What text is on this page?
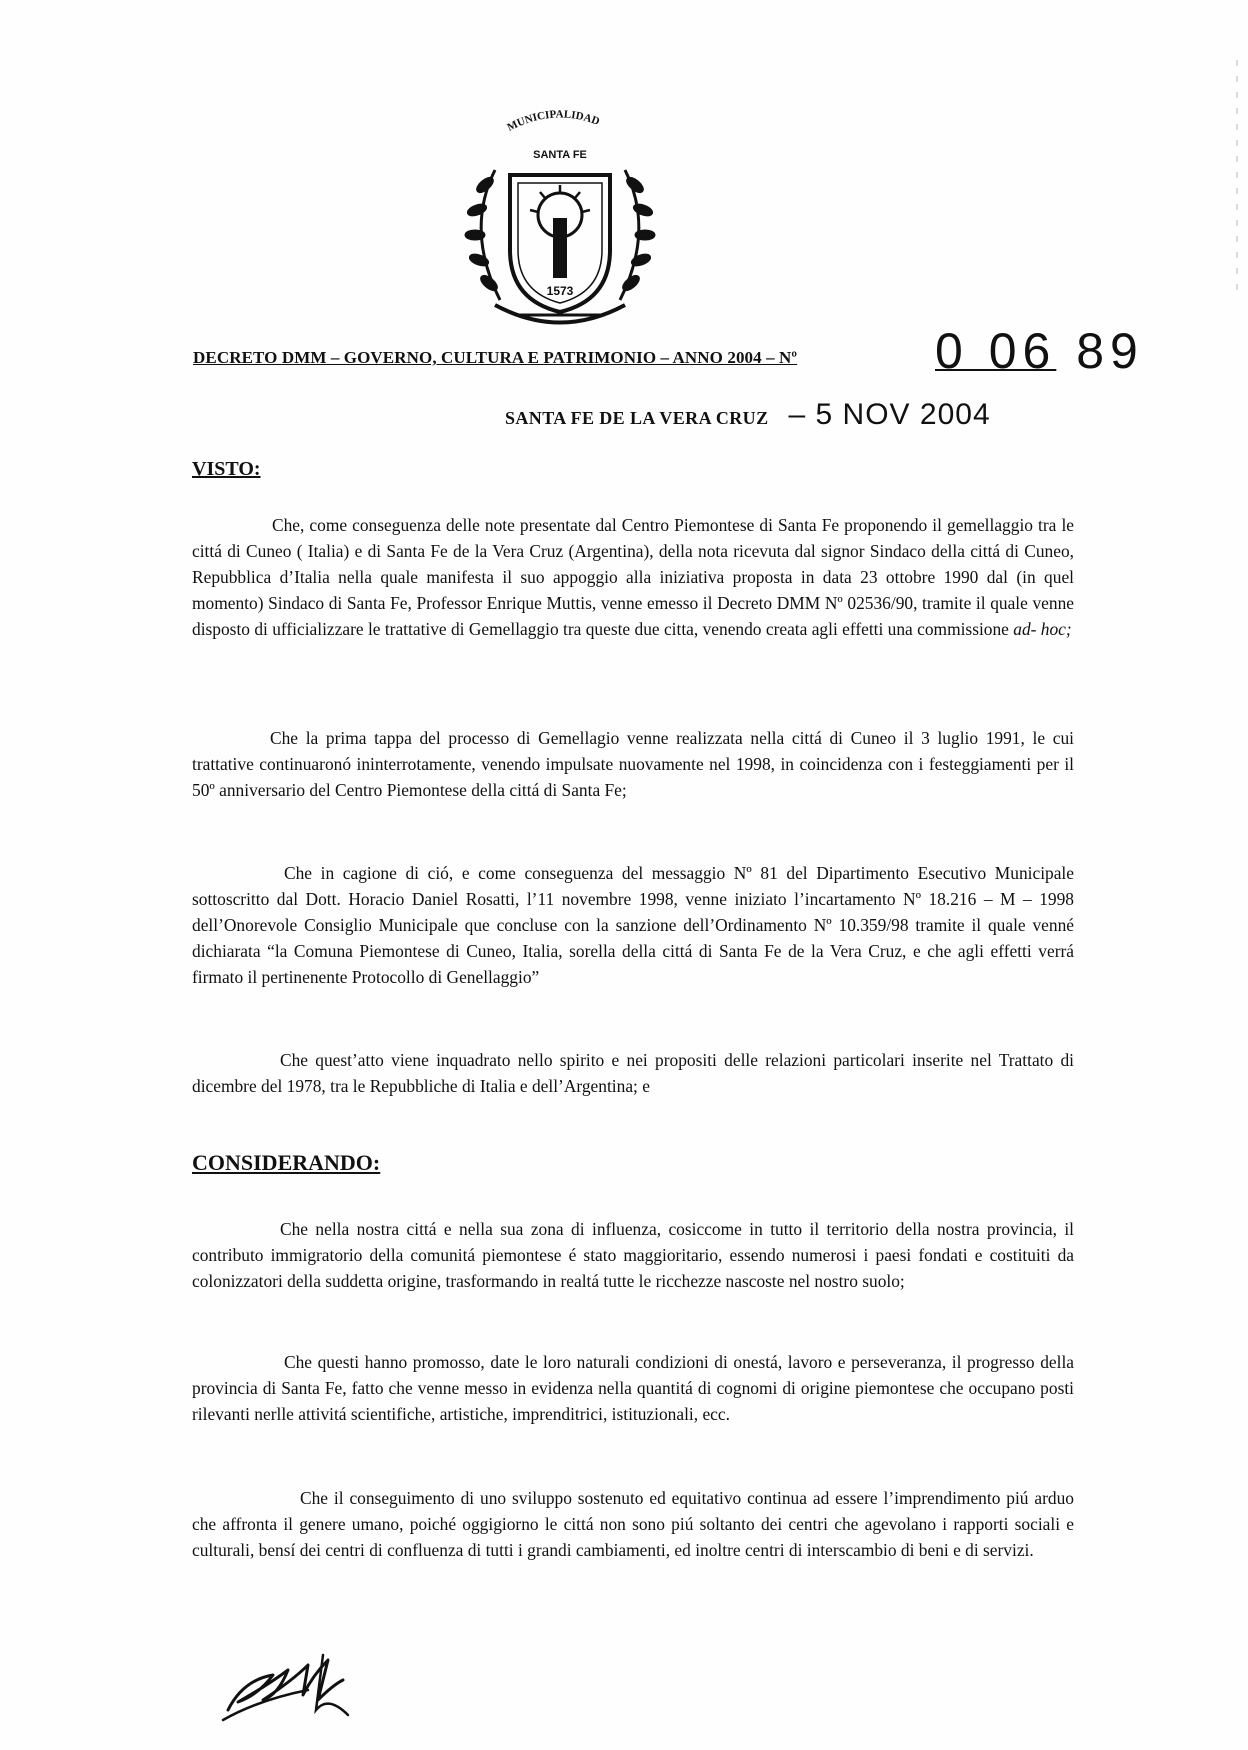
MUNICIPALIDAD
SANTA FE
1573
DECRETO DMM – GOVERNO, CULTURA E PATRIMONIO – ANNO 2004 – Nº	0 06 89
SANTA FE DE LA VERA CRUZ – 5 NOV 2004
VISTO:

Che, come conseguenza delle note presentate dal Centro Piemontese di Santa Fe proponendo il gemellaggio tra le cittá di Cuneo ( Italia) e di Santa Fe de la Vera Cruz (Argentina), della nota ricevuta dal signor Sindaco della cittá di Cuneo, Repubblica d’Italia nella quale manifesta il suo appoggio alla iniziativa proposta in data 23 ottobre 1990 dal (in quel momento) Sindaco di Santa Fe, Professor Enrique Muttis, venne emesso il Decreto DMM Nº 02536/90, tramite il quale venne disposto di ufficializzare le trattative di Gemellaggio tra queste due citta, venendo creata agli effetti una commissione ad- hoc;

Che la prima tappa del processo di Gemellagio venne realizzata nella cittá di Cuneo il 3 luglio 1991, le cui trattative continuaronó ininterrotamente, venendo impulsate nuovamente nel 1998, in coincidenza con i festeggiamenti per il 50º anniversario del Centro Piemontese della cittá di Santa Fe;

Che in cagione di ció, e come conseguenza del messaggio Nº 81 del Dipartimento Esecutivo Municipale sottoscritto dal Dott. Horacio Daniel Rosatti, l’11 novembre 1998, venne iniziato l’incartamento Nº 18.216 – M – 1998 dell’Onorevole Consiglio Municipale que concluse con la sanzione dell’Ordinamento Nº 10.359/98 tramite il quale venné dichiarata “la Comuna Piemontese di Cuneo, Italia, sorella della cittá di Santa Fe de la Vera Cruz, e che agli effetti verrá firmato il pertinenente Protocollo di Genellaggio”

Che quest’atto viene inquadrato nello spirito e nei propositi delle relazioni particolari inserite nel Trattato di dicembre del 1978, tra le Repubbliche di Italia e dell’Argentina; e

CONSIDERANDO:

Che nella nostra cittá e nella sua zona di influenza, cosiccome in tutto il territorio della nostra provincia, il contributo immigratorio della comunitá piemontese é stato maggioritario, essendo numerosi i paesi fondati e costituiti da colonizzatori della suddetta origine, trasformando in realtá tutte le ricchezze nascoste nel nostro suolo;

Che questi hanno promosso, date le loro naturali condizioni di onestá, lavoro e perseveranza, il progresso della provincia di Santa Fe, fatto che venne messo in evidenza nella quantitá di cognomi di origine piemontese che occupano posti rilevanti nerlle attivitá scientifiche, artistiche, imprenditrici, istituzionali, ecc.

Che il conseguimento di uno sviluppo sostenuto ed equitativo continua ad essere l’imprendimento piú arduo che affronta il genere umano, poiché oggigiorno le cittá non sono piú soltanto dei centri che agevolano i rapporti sociali e culturali, bensí dei centri di confluenza di tutti i grandi cambiamenti, ed inoltre centri di interscambio di beni e di servizi.
